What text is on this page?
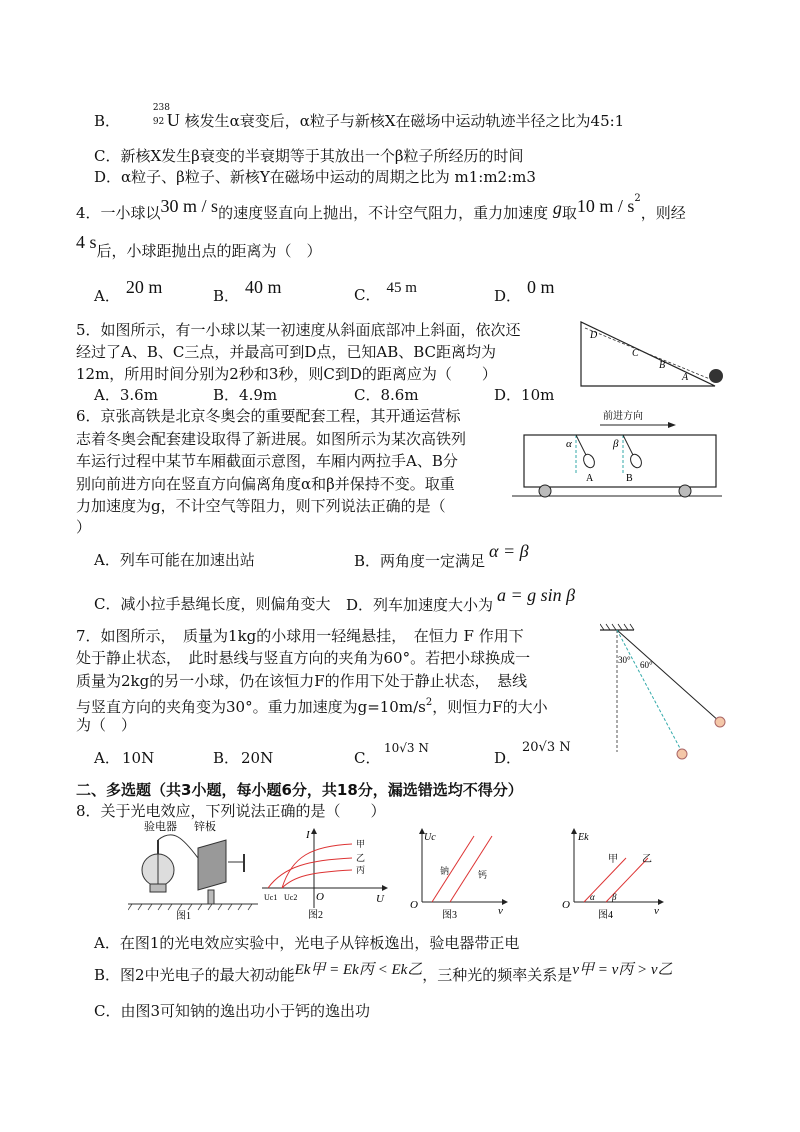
B．
238
92 U 核发生α衰变后，α粒子与新核X在磁场中运动轨迹半径之比为45:1
C．新核X发生β衰变的半衰期等于其放出一个β粒子所经历的时间
D．α粒子、β粒子、新核Y在磁场中运动的周期之比为 m1:m2:m3
4．一小球以30 m / s的速度竖直向上抛出，不计空气阻力，重力加速度 g取10 m / $s^2$，则经
4 s后，小球距抛出点的距离为（　）
A． 20 m	B． 40 m	C． 45 m	D． 0 m
5．如图所示，有一小球以某一初速度从斜面底部冲上斜面，依次还
经过了A、B、C三点，并最高可到D点，已知AB、BC距离均为
12m，所用时间分别为2秒和3秒，则C到D的距离应为（　　）
A．3.6m	B．4.9m	C．8.6m	D．10m
D
C
B
A
6．京张高铁是北京冬奥会的重要配套工程，其开通运营标
志着冬奥会配套建设取得了新进展。如图所示为某次高铁列
车运行过程中某节车厢截面示意图，车厢内两拉手A、B分
别向前进方向在竖直方向偏离角度α和β并保持不变。取重
力加速度为g，不计空气等阻力，则下列说法正确的是（
）
A．列车可能在加速出站	B．两角度一定满足 α = β
C．减小拉手悬绳长度，则偏角变大 D．列车加速度大小为 a = g sin β
前进方向
α	β
A	B
7．如图所示，　质量为1kg的小球用一轻绳悬挂，　在恒力 F 作用下
处于静止状态，　此时悬线与竖直方向的夹角为60°。若把小球换成一
质量为2kg的另一小球，仍在该恒力F的作用下处于静止状态，　悬线
与竖直方向的夹角变为30°。重力加速度为$g=10m/s^2$，则恒力F的大小
为（　）
A． 10N	B． 20N	C．
10√3 N
D．
20√3 N
30° 60°
二、多选题（共3小题，每小题6分，共18分，漏选错选均不得分）
8．关于光电效应，下列说法正确的是（　　）
验电器 锌板
图1
I
U
O
Uc1 Uc2
甲
乙
丙
图2
Uc
O	ν
钠	钙
图3
Ek
O	ν
甲 乙
α β
图4
A．在图1的光电效应实验中，光电子从锌板逸出，验电器带正电
B．图2中光电子的最大初动能Ek甲 = Ek丙 < Ek乙，三种光的频率关系是ν甲 = ν丙 > ν乙
C．由图3可知钠的逸出功小于钙的逸出功
